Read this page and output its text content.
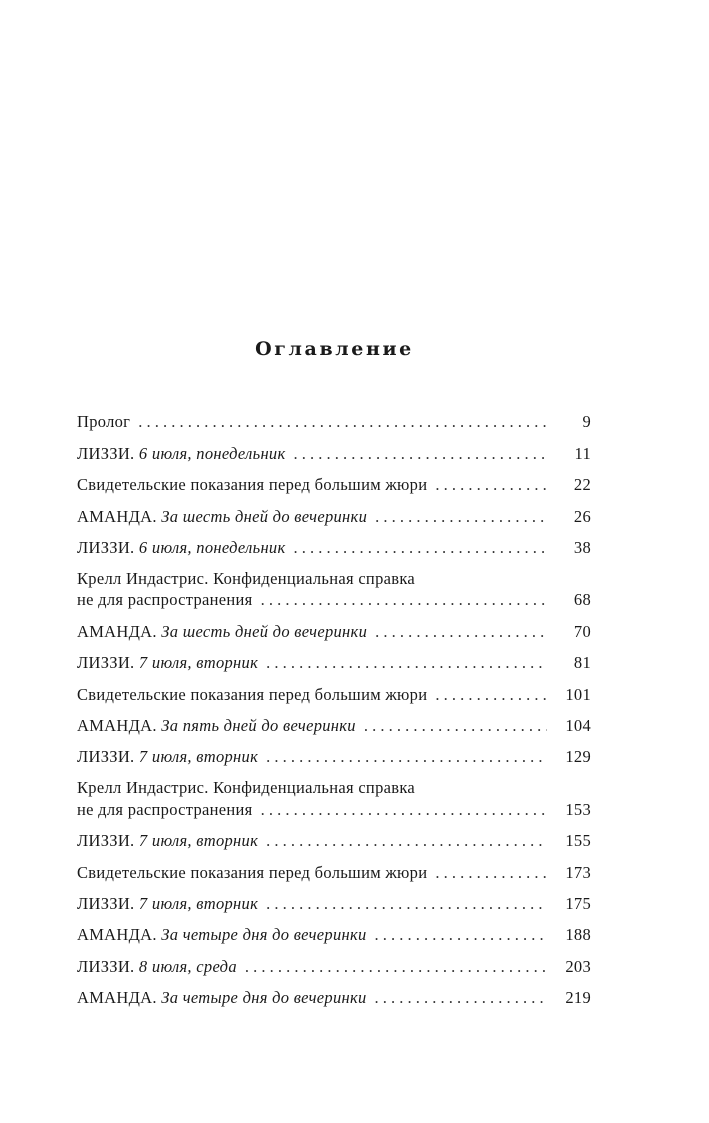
Оглавление
Пролог . . .	9
ЛИЗЗИ. 6 июля, понедельник . . .	11
Свидетельские показания перед большим жюри . . .	22
АМАНДА. За шесть дней до вечеринки . . .	26
ЛИЗЗИ. 6 июля, понедельник . . .	38
Крелл Индастрис. Конфиденциальная справка
не для распространения . . .	68
АМАНДА. За шесть дней до вечеринки . . .	70
ЛИЗЗИ. 7 июля, вторник . . .	81
Свидетельские показания перед большим жюри . . .	101
АМАНДА. За пять дней до вечеринки . . .	104
ЛИЗЗИ. 7 июля, вторник . . .	129
Крелл Индастрис. Конфиденциальная справка
не для распространения . . .	153
ЛИЗЗИ. 7 июля, вторник . . .	155
Свидетельские показания перед большим жюри . . .	173
ЛИЗЗИ. 7 июля, вторник . . .	175
АМАНДА. За четыре дня до вечеринки . . .	188
ЛИЗЗИ. 8 июля, среда . . .	203
АМАНДА. За четыре дня до вечеринки . . .	219
